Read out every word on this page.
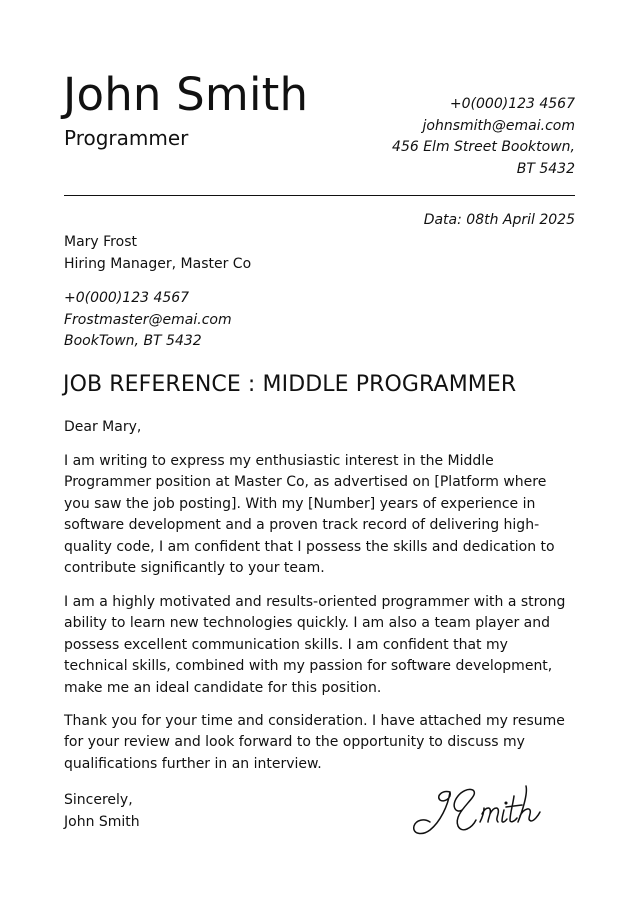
John Smith
Programmer
+0(000)123 4567
johnsmith@emai.com
456 Elm Street Booktown,
BT 5432
Data: 08th April 2025
Mary Frost
Hiring Manager, Master Co
+0(000)123 4567
Frostmaster@emai.com
BookTown, BT 5432
JOB REFERENCE : MIDDLE PROGRAMMER
Dear Mary,
I am writing to express my enthusiastic interest in the Middle
Programmer position at Master Co, as advertised on [Platform where
you saw the job posting]. With my [Number] years of experience in
software development and a proven track record of delivering high-
quality code, I am confident that I possess the skills and dedication to
contribute significantly to your team.
I am a highly motivated and results-oriented programmer with a strong
ability to learn new technologies quickly. I am also a team player and
possess excellent communication skills. I am confident that my
technical skills, combined with my passion for software development,
make me an ideal candidate for this position.
Thank you for your time and consideration. I have attached my resume
for your review and look forward to the opportunity to discuss my
qualifications further in an interview.
Sincerely,
John Smith
